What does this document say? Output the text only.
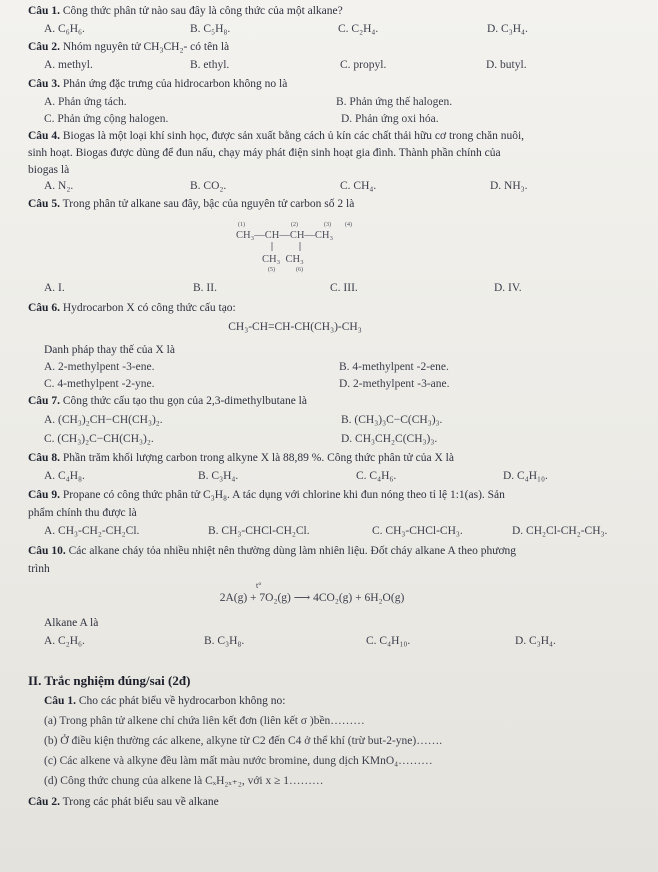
Câu 1. Công thức phân tử nào sau đây là công thức của một alkane?
A. C₆H₆.	B. C₅H₈.	C. C₂H₄.	D. C₃H₄.
Câu 2. Nhóm nguyên tử CH₃CH₂- có tên là
A. methyl.	B. ethyl.	C. propyl.	D. butyl.
Câu 3. Phản ứng đặc trưng của hidrocarbon không no là
A. Phản ứng tách.	B. Phản ứng thế halogen.
C. Phản ứng cộng halogen.	D. Phản ứng oxi hóa.
Câu 4. Biogas là một loại khí sinh học, được sản xuất bằng cách ủ kín các chất thải hữu cơ trong chăn nuôi,
sinh hoạt. Biogas được dùng để đun nấu, chạy máy phát điện sinh hoạt gia đình. Thành phần chính của
biogas là
A. N₂.	B. CO₂.	C. CH₄.	D. NH₃.
Câu 5. Trong phân tử alkane sau đây, bậc của nguyên tử carbon số 2 là
(1)	(2)	(3) (4)
CH₃—CH—CH—CH₃
CH₃  CH₃
(5)	(6)
A. I.	B. II.	C. III.	D. IV.
Câu 6. Hydrocarbon X có công thức cấu tạo:
CH₃-CH=CH-CH(CH₃)-CH₃
Danh pháp thay thế của X là
A. 2-methylpent -3-ene.	B. 4-methylpent -2-ene.
C. 4-methylpent -2-yne.	D. 2-methylpent -3-ane.
Câu 7. Công thức cấu tạo thu gọn của 2,3-dimethylbutane là
A. (CH₃)₂CH−CH(CH₃)₂.	B. (CH₃)₃C−C(CH₃)₃.
C. (CH₃)₂C−CH(CH₃)₂.	D. CH₃CH₂C(CH₃)₃.
Câu 8. Phần trăm khối lượng carbon trong alkyne X là 88,89 %. Công thức phân tử của X là
A. C₄H₈.	B. C₃H₄.	C. C₄H₆.	D. C₄H₁₀.
Câu 9. Propane có công thức phân tử C₃H₈. A tác dụng với chlorine khi đun nóng theo tỉ lệ 1:1(as). Sản
phẩm chính thu được là
A. CH₃-CH₂-CH₂Cl.	B. CH₃-CHCl-CH₂Cl.	C. CH₃-CHCl-CH₃.	D. CH₂Cl-CH₂-CH₃.
Câu 10. Các alkane cháy tỏa nhiều nhiệt nên thường dùng làm nhiên liệu. Đốt cháy alkane A theo phương
trình
t°
2A(g) + 7O₂(g) ⟶ 4CO₂(g) + 6H₂O(g)
Alkane A là
A. C₂H₆.	B. C₃H₈.	C. C₄H₁₀.	D. C₃H₄.
II. Trắc nghiệm đúng/sai (2đ)
Câu 1. Cho các phát biểu về hydrocarbon không no:
(a) Trong phân tử alkene chỉ chứa liên kết đơn (liên kết σ )bền………
(b) Ở điều kiện thường các alkene, alkyne từ C2 đến C4 ở thể khí (trừ but-2-yne)…….
(c) Các alkene và alkyne đều làm mất màu nước bromine, dung dịch KMnO₄………
(d) Công thức chung của alkene là CₓH₂ₓ₊₂, với x ≥ 1………
Câu 2. Trong các phát biểu sau về alkane
